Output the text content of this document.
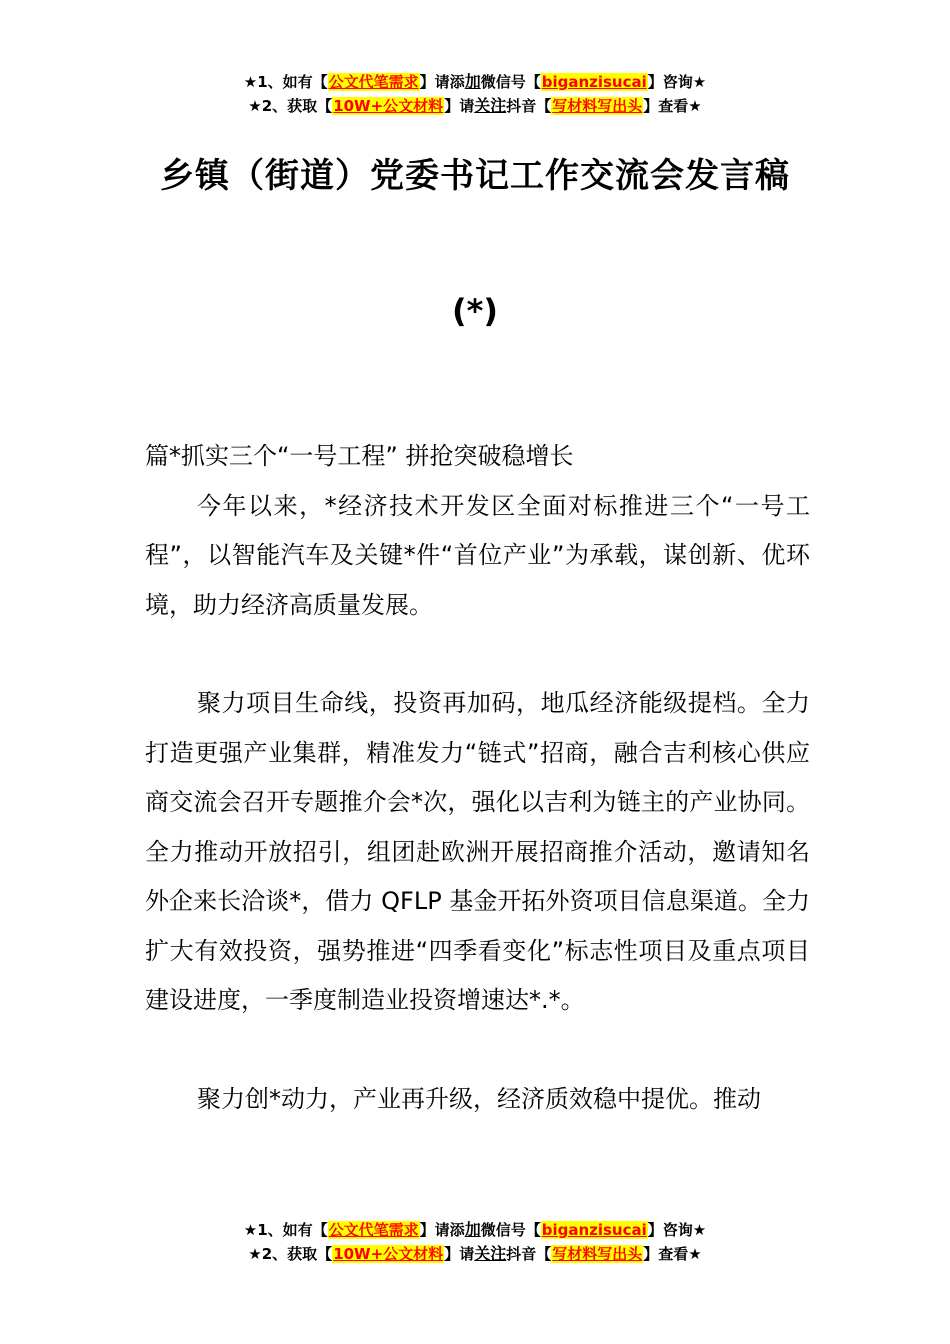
★1、如有【公文代笔需求】请添加微信号【biganzisucai】咨询★
★2、获取【10W+公文材料】请关注抖音【写材料写出头】查看★
乡镇（街道）党委书记工作交流会发言稿
(*)

篇*抓实三个“一号工程” 拼抢突破稳增长

今年以来，*经济技术开发区全面对标推进三个“一号工程”，以智能汽车及关键*件“首位产业”为承载，谋创新、优环境，助力经济高质量发展。

聚力项目生命线，投资再加码，地瓜经济能级提档。全力打造更强产业集群，精准发力“链式”招商，融合吉利核心供应商交流会召开专题推介会*次，强化以吉利为链主的产业协同。全力推动开放招引，组团赴欧洲开展招商推介活动，邀请知名外企来长洽谈*，借力 QFLP 基金开拓外资项目信息渠道。全力扩大有效投资，强势推进“四季看变化”标志性项目及重点项目建设进度，一季度制造业投资增速达*.*。

聚力创*动力，产业再升级，经济质效稳中提优。推动

★1、如有【公文代笔需求】请添加微信号【biganzisucai】咨询★
★2、获取【10W+公文材料】请关注抖音【写材料写出头】查看★
